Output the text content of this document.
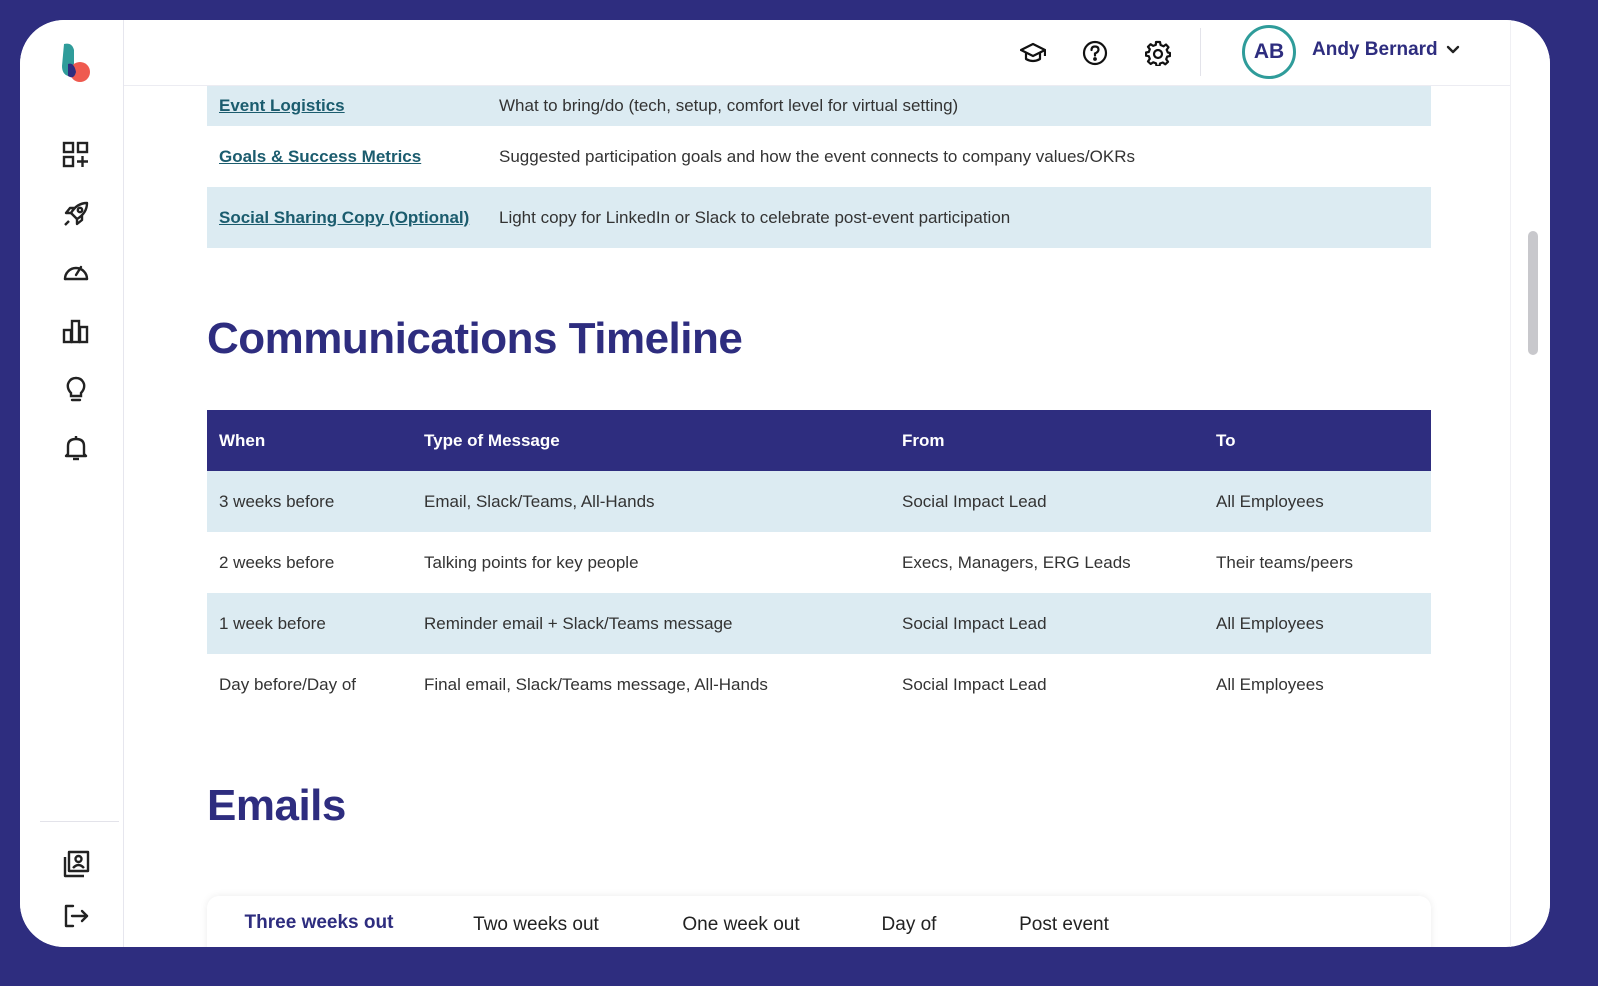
AB	Andy Bernard
Event Logistics	What to bring/do (tech, setup, comfort level for virtual setting)
Goals & Success Metrics	Suggested participation goals and how the event connects to company values/OKRs
Social Sharing Copy (Optional)	Light copy for LinkedIn or Slack to celebrate post-event participation
Communications Timeline
When	Type of Message	From	To
3 weeks before	Email, Slack/Teams, All-Hands	Social Impact Lead	All Employees
2 weeks before	Talking points for key people	Execs, Managers, ERG Leads	Their teams/peers
1 week before	Reminder email + Slack/Teams message	Social Impact Lead	All Employees
Day before/Day of	Final email, Slack/Teams message, All-Hands	Social Impact Lead	All Employees
Emails
Three weeks out	Two weeks out	One week out	Day of	Post event
